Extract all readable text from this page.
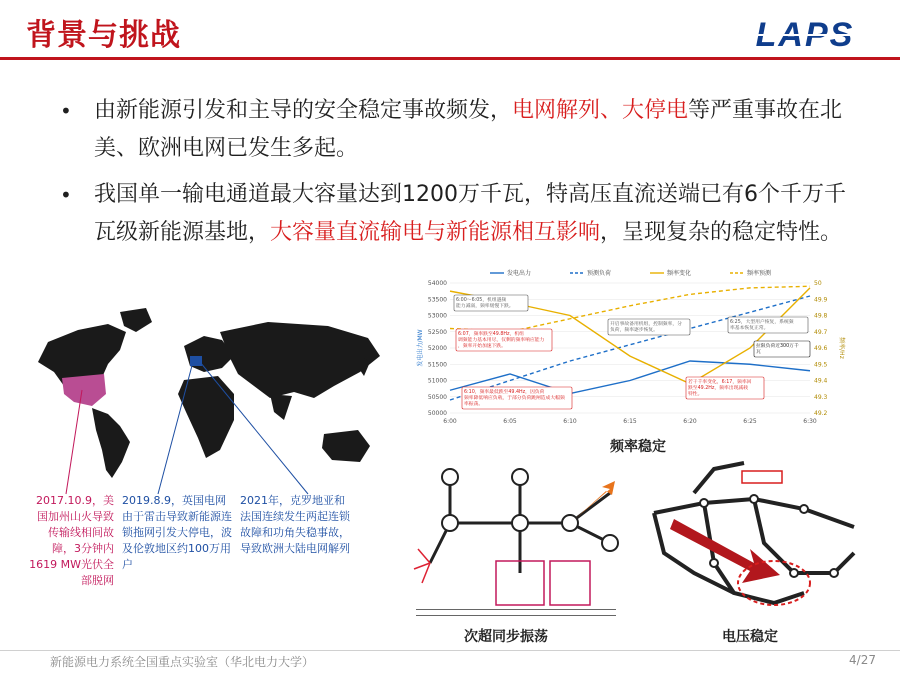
背景与挑战	LAPS
• 由新能源引发和主导的安全稳定事故频发，电网解列、大停电等严重事故在北美、欧洲电网已发生多起。
• 我国单一输电通道最大容量达到1200万千瓦，特高压直流送端已有6个千万千瓦级新能源基地，大容量直流输电与新能源相互影响，呈现复杂的稳定特性。
2017.10.9，美国加州山火导致传输线相间故障，3分钟内1619 MW光伏全部脱网
2019.8.9，英国电网由于雷击导致新能源连锁拖网引发大停电，波及伦敦地区约100万用户
2021年，克罗地亚和法国连续发生两起连锁故障和功角失稳事故，导致欧洲大陆电网解列
54000
53500
53000
52500
52000
51500
51000
50500
50000
50
49.9
49.8
49.7
49.6
49.5
49.4
49.3
49.2
6:00	6:05	6:10	6:15	6:20	6:25	6:30
发电出力/MW	频率/Hz
发电出力	预测负荷	频率变化	频率预测
6:00～6:05，机组遇频能力减弱，频率缓慢下跌。
6:07，频率跌至49.8Hz，机组调频能力基本用尽，仅剩的频率响应能力，频率开始加速下跌。
开启事故备用机组，控制频率，分负荷，频率逐步恢复。
6:25，大型用户恢复，系统频率基本恢复正常。
拉限负荷近300万千瓦
6:10，频率最低跌至49.4Hz，因负荷频率降低响应负载，于部分负荷跳闸造成大幅频率振荡。
若干千率变化，6:17，频率回跌至49.2Hz，频率出现减载特性。
频率稳定
次超同步振荡	电压稳定
新能源电力系统全国重点实验室（华北电力大学）	4/27
